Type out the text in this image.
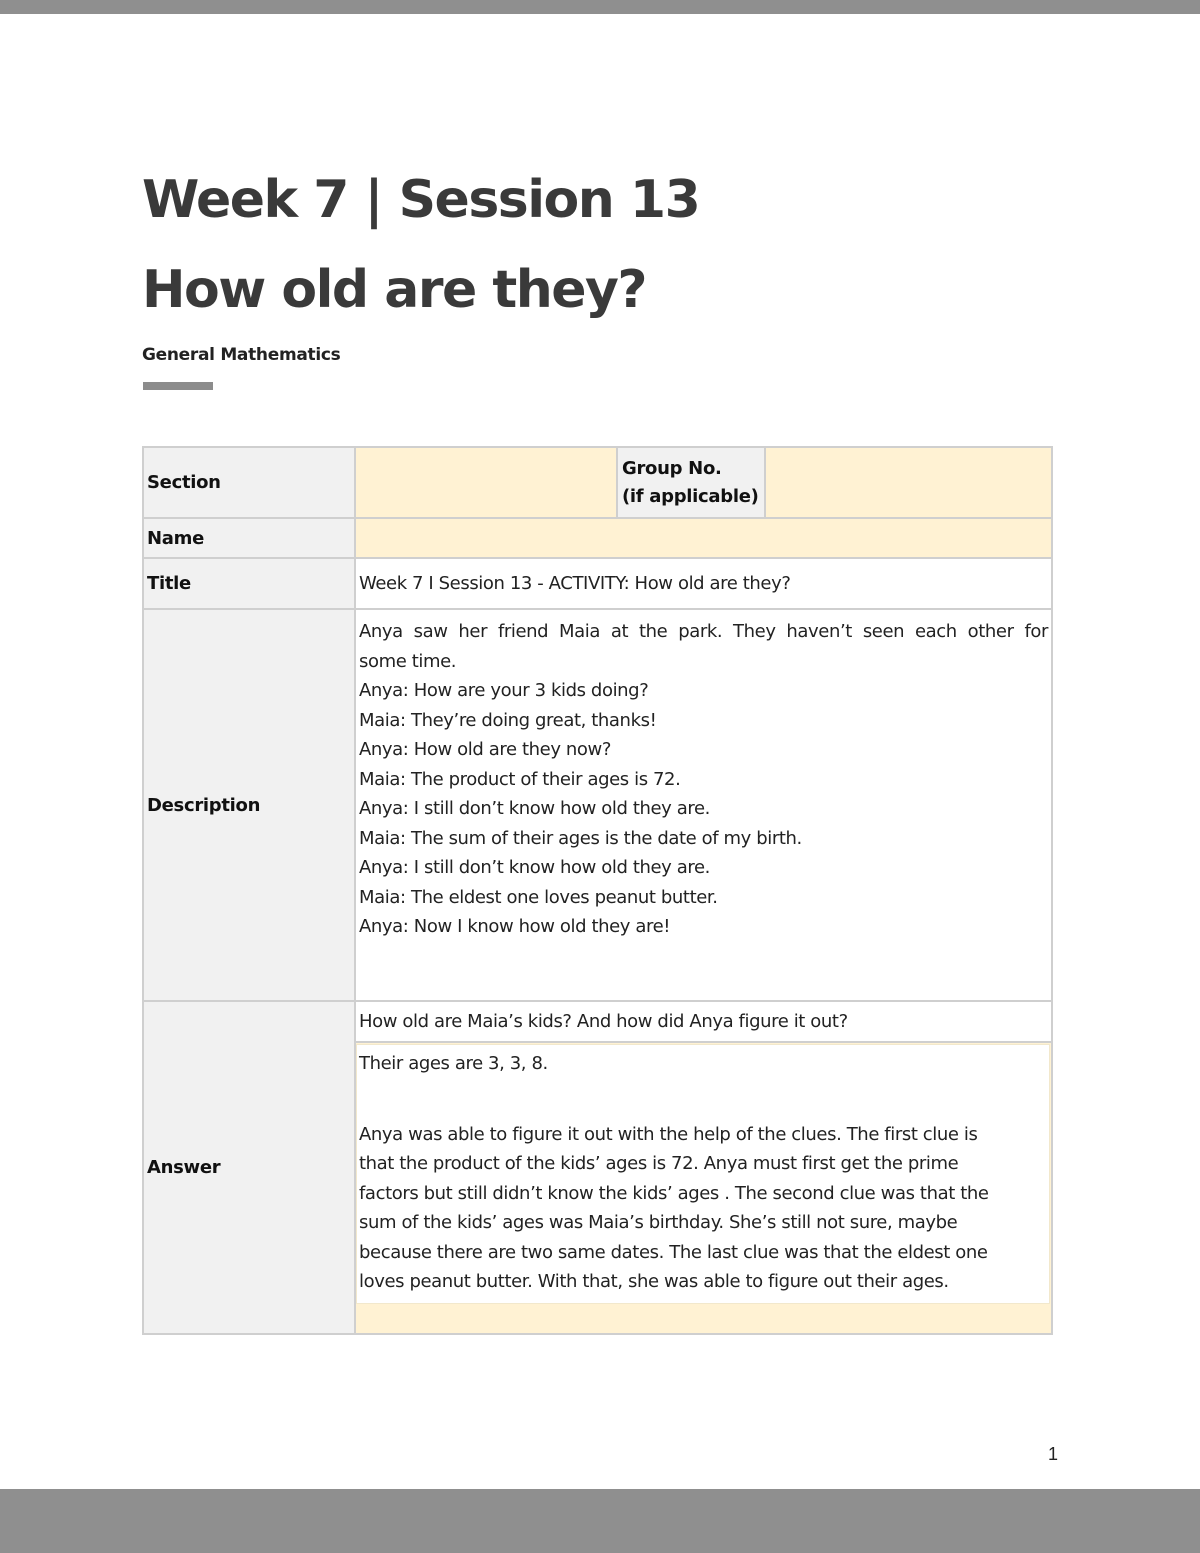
Week 7 | Session 13
How old are they?
General Mathematics
Section
Group No.
(if applicable)
Name
Title	Week 7 I Session 13 - ACTIVITY: How old are they?
Description
Anya saw her friend Maia at the park. They haven’t seen each other for
some time.
Anya: How are your 3 kids doing?
Maia: They’re doing great, thanks!
Anya: How old are they now?
Maia: The product of their ages is 72.
Anya: I still don’t know how old they are.
Maia: The sum of their ages is the date of my birth.
Anya: I still don’t know how old they are.
Maia: The eldest one loves peanut butter.
Anya: Now I know how old they are!
Answer
How old are Maia’s kids? And how did Anya figure it out?
Their ages are 3, 3, 8.
Anya was able to figure it out with the help of the clues. The first clue is
that the product of the kids’ ages is 72. Anya must first get the prime
factors but still didn’t know the kids’ ages . The second clue was that the
sum of the kids’ ages was Maia’s birthday. She’s still not sure, maybe
because there are two same dates. The last clue was that the eldest one
loves peanut butter. With that, she was able to figure out their ages.
1
